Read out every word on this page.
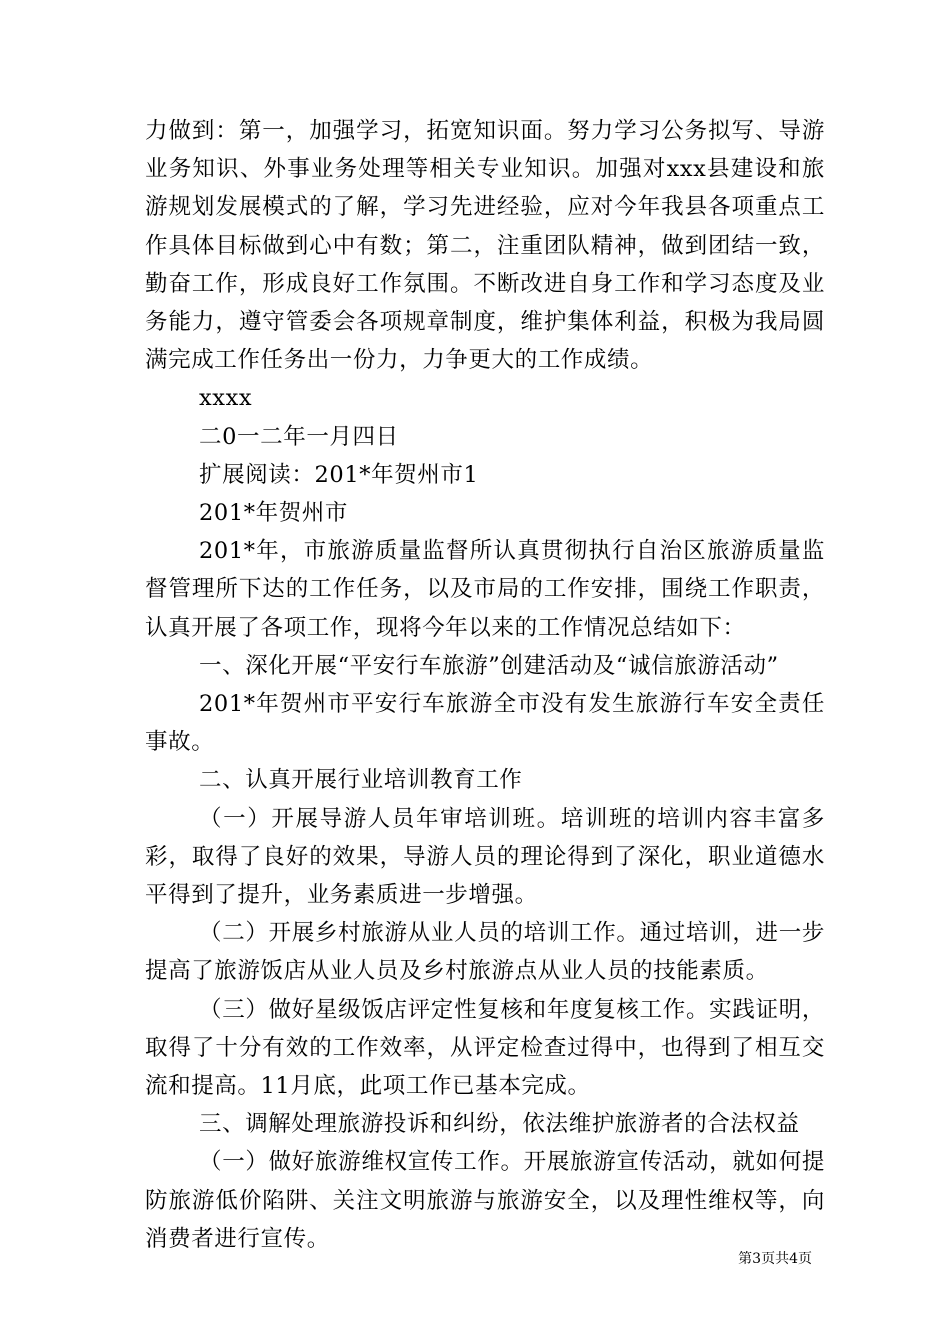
力做到：第一，加强学习，拓宽知识面。努力学习公务拟写、导游业务知识、外事业务处理等相关专业知识。加强对xxx县建设和旅游规划发展模式的了解，学习先进经验，应对今年我县各项重点工作具体目标做到心中有数；第二，注重团队精神，做到团结一致，勤奋工作，形成良好工作氛围。不断改进自身工作和学习态度及业务能力，遵守管委会各项规章制度，维护集体利益，积极为我局圆满完成工作任务出一份力，力争更大的工作成绩。

xxxx

二0一二年一月四日

扩展阅读：201*年贺州市1

201*年贺州市

201*年，市旅游质量监督所认真贯彻执行自治区旅游质量监督管理所下达的工作任务，以及市局的工作安排，围绕工作职责，认真开展了各项工作，现将今年以来的工作情况总结如下：

一、深化开展“平安行车旅游”创建活动及“诚信旅游活动”

201*年贺州市平安行车旅游全市没有发生旅游行车安全责任事故。

二、认真开展行业培训教育工作

（一）开展导游人员年审培训班。培训班的培训内容丰富多彩，取得了良好的效果，导游人员的理论得到了深化，职业道德水平得到了提升，业务素质进一步增强。

（二）开展乡村旅游从业人员的培训工作。通过培训，进一步提高了旅游饭店从业人员及乡村旅游点从业人员的技能素质。

（三）做好星级饭店评定性复核和年度复核工作。实践证明，取得了十分有效的工作效率，从评定检查过得中，也得到了相互交流和提高。11月底，此项工作已基本完成。

三、调解处理旅游投诉和纠纷，依法维护旅游者的合法权益

（一）做好旅游维权宣传工作。开展旅游宣传活动，就如何提防旅游低价陷阱、关注文明旅游与旅游安全，以及理性维权等，向消费者进行宣传。

第3页共4页
